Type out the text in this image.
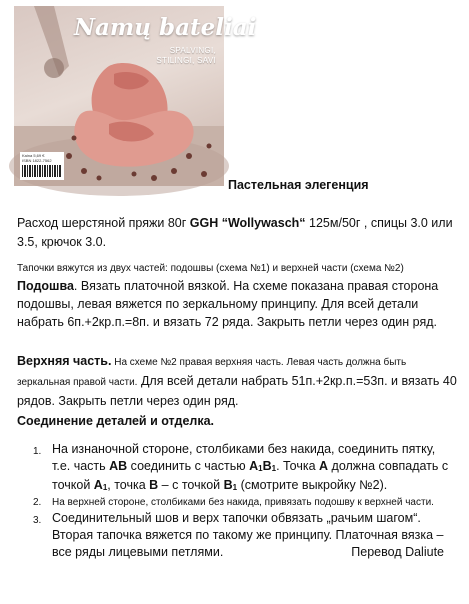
Namų bateliai
SPALVINGI,
STILINGI, SAVI
Kaina 5,69 €
ISBN 1822-7562
Пастельная элегенция
Расход шерстяной пряжи 80г GGH “Wollywasch“ 125м/50г , спицы 3.0 или 3.5, крючок 3.0.
Тапочки вяжутся из двух частей: подошвы (схема №1) и верхней части (схема №2)
Подошва. Вязать платочной вязкой. На схеме показана правая сторона подошвы, левая вяжется по зеркальному принципу. Для всей детали набрать 6п.+2кр.п.=8п. и вязать 72 ряда. Закрыть петли через один ряд.
Верхняя часть. На схеме №2 правая верхняя часть. Левая часть должна быть зеркальная правой части. Для всей детали набрать 51п.+2кр.п.=53п. и вязать 40 рядов. Закрыть петли через один ряд.
Соединение деталей и отделка.
1. На изнаночной стороне, столбиками без накида, соединить пятку, т.е. часть АВ соединить с частью $А_1В_1$. Точка А должна совпадать с точкой $А_1$, точка В – с точкой $В_1$ (смотрите выкройку №2).
2. На верхней стороне, столбиками без накида, привязать подошву к верхней части.
3. Соединительный шов и верх тапочки обвязать „рачьим шагом“. Вторая тапочка вяжется по такому же принципу. Платочная вязка – все ряды лицевыми петлями.	Перевод Daliute
